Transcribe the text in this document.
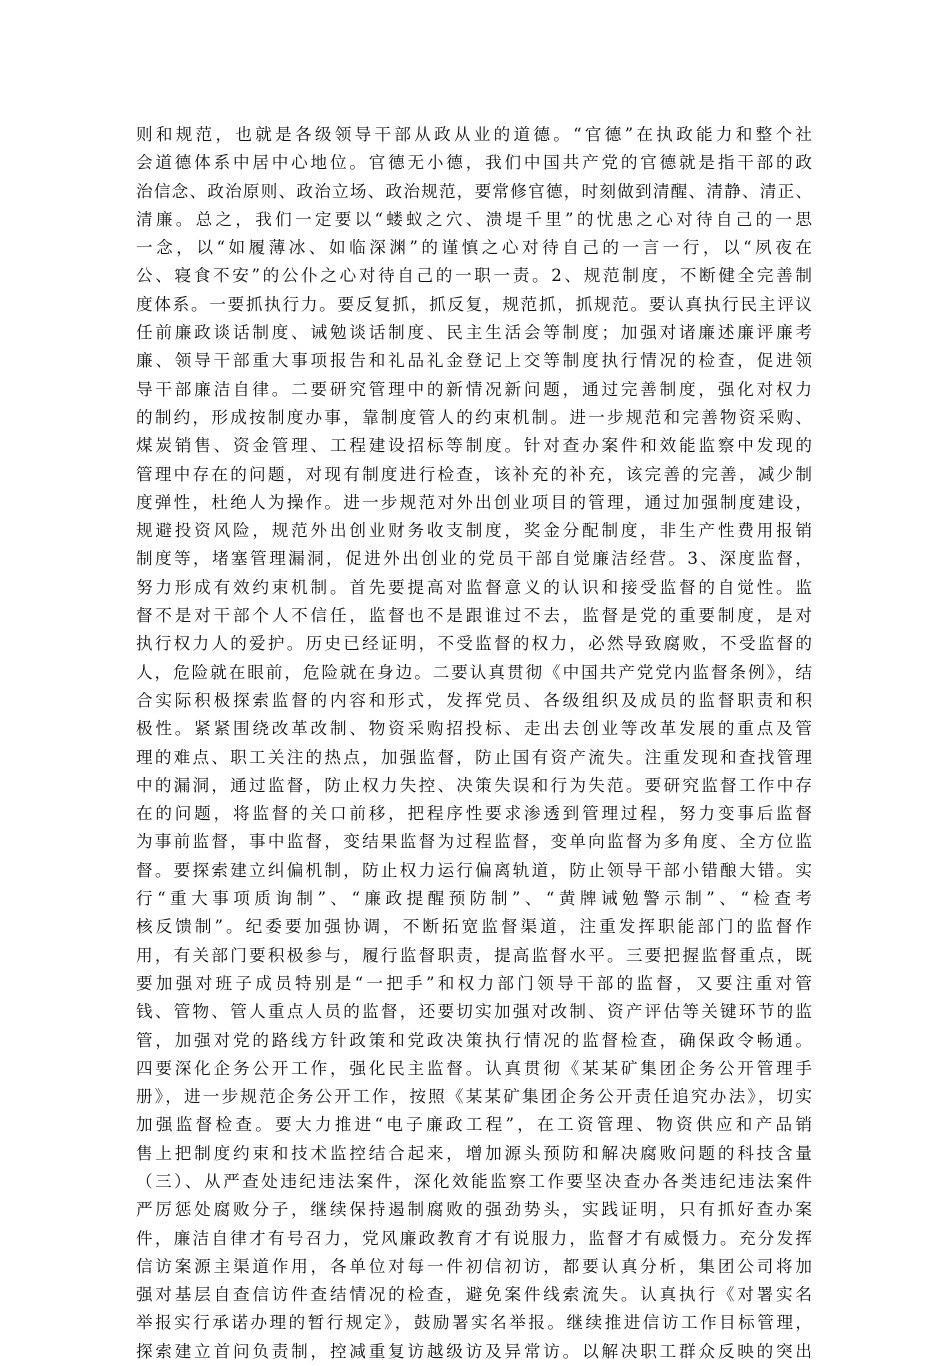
则和规范，也就是各级领导干部从政从业的道德。“官德”在执政能力和整个社
会道德体系中居中心地位。官德无小德，我们中国共产党的官德就是指干部的政
治信念、政治原则、政治立场、政治规范，要常修官德，时刻做到清醒、清静、清正、
清廉。总之，我们一定要以“蝼蚁之穴、溃堤千里”的忧患之心对待自己的一思
一念，以“如履薄冰、如临深渊”的谨慎之心对待自己的一言一行，以“夙夜在
公、寝食不安”的公仆之心对待自己的一职一责。2、规范制度，不断健全完善制
度体系。一要抓执行力。要反复抓，抓反复，规范抓，抓规范。要认真执行民主评议
任前廉政谈话制度、诫勉谈话制度、民主生活会等制度；加强对诸廉述廉评廉考
廉、领导干部重大事项报告和礼品礼金登记上交等制度执行情况的检查，促进领
导干部廉洁自律。二要研究管理中的新情况新问题，通过完善制度，强化对权力
的制约，形成按制度办事，靠制度管人的约束机制。进一步规范和完善物资采购、
煤炭销售、资金管理、工程建设招标等制度。针对查办案件和效能监察中发现的
管理中存在的问题，对现有制度进行检查，该补充的补充，该完善的完善，减少制
度弹性，杜绝人为操作。进一步规范对外出创业项目的管理，通过加强制度建设，
规避投资风险，规范外出创业财务收支制度，奖金分配制度，非生产性费用报销
制度等，堵塞管理漏洞，促进外出创业的党员干部自觉廉洁经营。3、深度监督，
努力形成有效约束机制。首先要提高对监督意义的认识和接受监督的自觉性。监
督不是对干部个人不信任，监督也不是跟谁过不去，监督是党的重要制度，是对
执行权力人的爱护。历史已经证明，不受监督的权力，必然导致腐败，不受监督的
人，危险就在眼前，危险就在身边。二要认真贯彻《中国共产党党内监督条例》，结
合实际积极探索监督的内容和形式，发挥党员、各级组织及成员的监督职责和积
极性。紧紧围绕改革改制、物资采购招投标、走出去创业等改革发展的重点及管
理的难点、职工关注的热点，加强监督，防止国有资产流失。注重发现和查找管理
中的漏洞，通过监督，防止权力失控、决策失误和行为失范。要研究监督工作中存
在的问题，将监督的关口前移，把程序性要求渗透到管理过程，努力变事后监督
为事前监督，事中监督，变结果监督为过程监督，变单向监督为多角度、全方位监
督。要探索建立纠偏机制，防止权力运行偏离轨道，防止领导干部小错酿大错。实
行“重大事项质询制”、“廉政提醒预防制”、“黄牌诫勉警示制”、“检查考
核反馈制”。纪委要加强协调，不断拓宽监督渠道，注重发挥职能部门的监督作
用，有关部门要积极参与，履行监督职责，提高监督水平。三要把握监督重点，既
要加强对班子成员特别是“一把手”和权力部门领导干部的监督，又要注重对管
钱、管物、管人重点人员的监督，还要切实加强对改制、资产评估等关键环节的监
管，加强对党的路线方针政策和党政决策执行情况的监督检查，确保政令畅通。
四要深化企务公开工作，强化民主监督。认真贯彻《某某矿集团企务公开管理手
册》，进一步规范企务公开工作，按照《某某矿集团企务公开责任追究办法》，切实
加强监督检查。要大力推进“电子廉政工程”，在工资管理、物资供应和产品销
售上把制度约束和技术监控结合起来，增加源头预防和解决腐败问题的科技含量
（三）、从严查处违纪违法案件，深化效能监察工作要坚决查办各类违纪违法案件
严厉惩处腐败分子，继续保持遏制腐败的强劲势头，实践证明，只有抓好查办案
件，廉洁自律才有号召力，党风廉政教育才有说服力，监督才有威慑力。充分发挥
信访案源主渠道作用，各单位对每一件初信初访，都要认真分析，集团公司将加
强对基层自查信访件查结情况的检查，避免案件线索流失。认真执行《对署实名
举报实行承诺办理的暂行规定》，鼓励署实名举报。继续推进信访工作目标管理，
探索建立首问负责制，控减重复访越级访及异常访。以解决职工群众反映的突出
